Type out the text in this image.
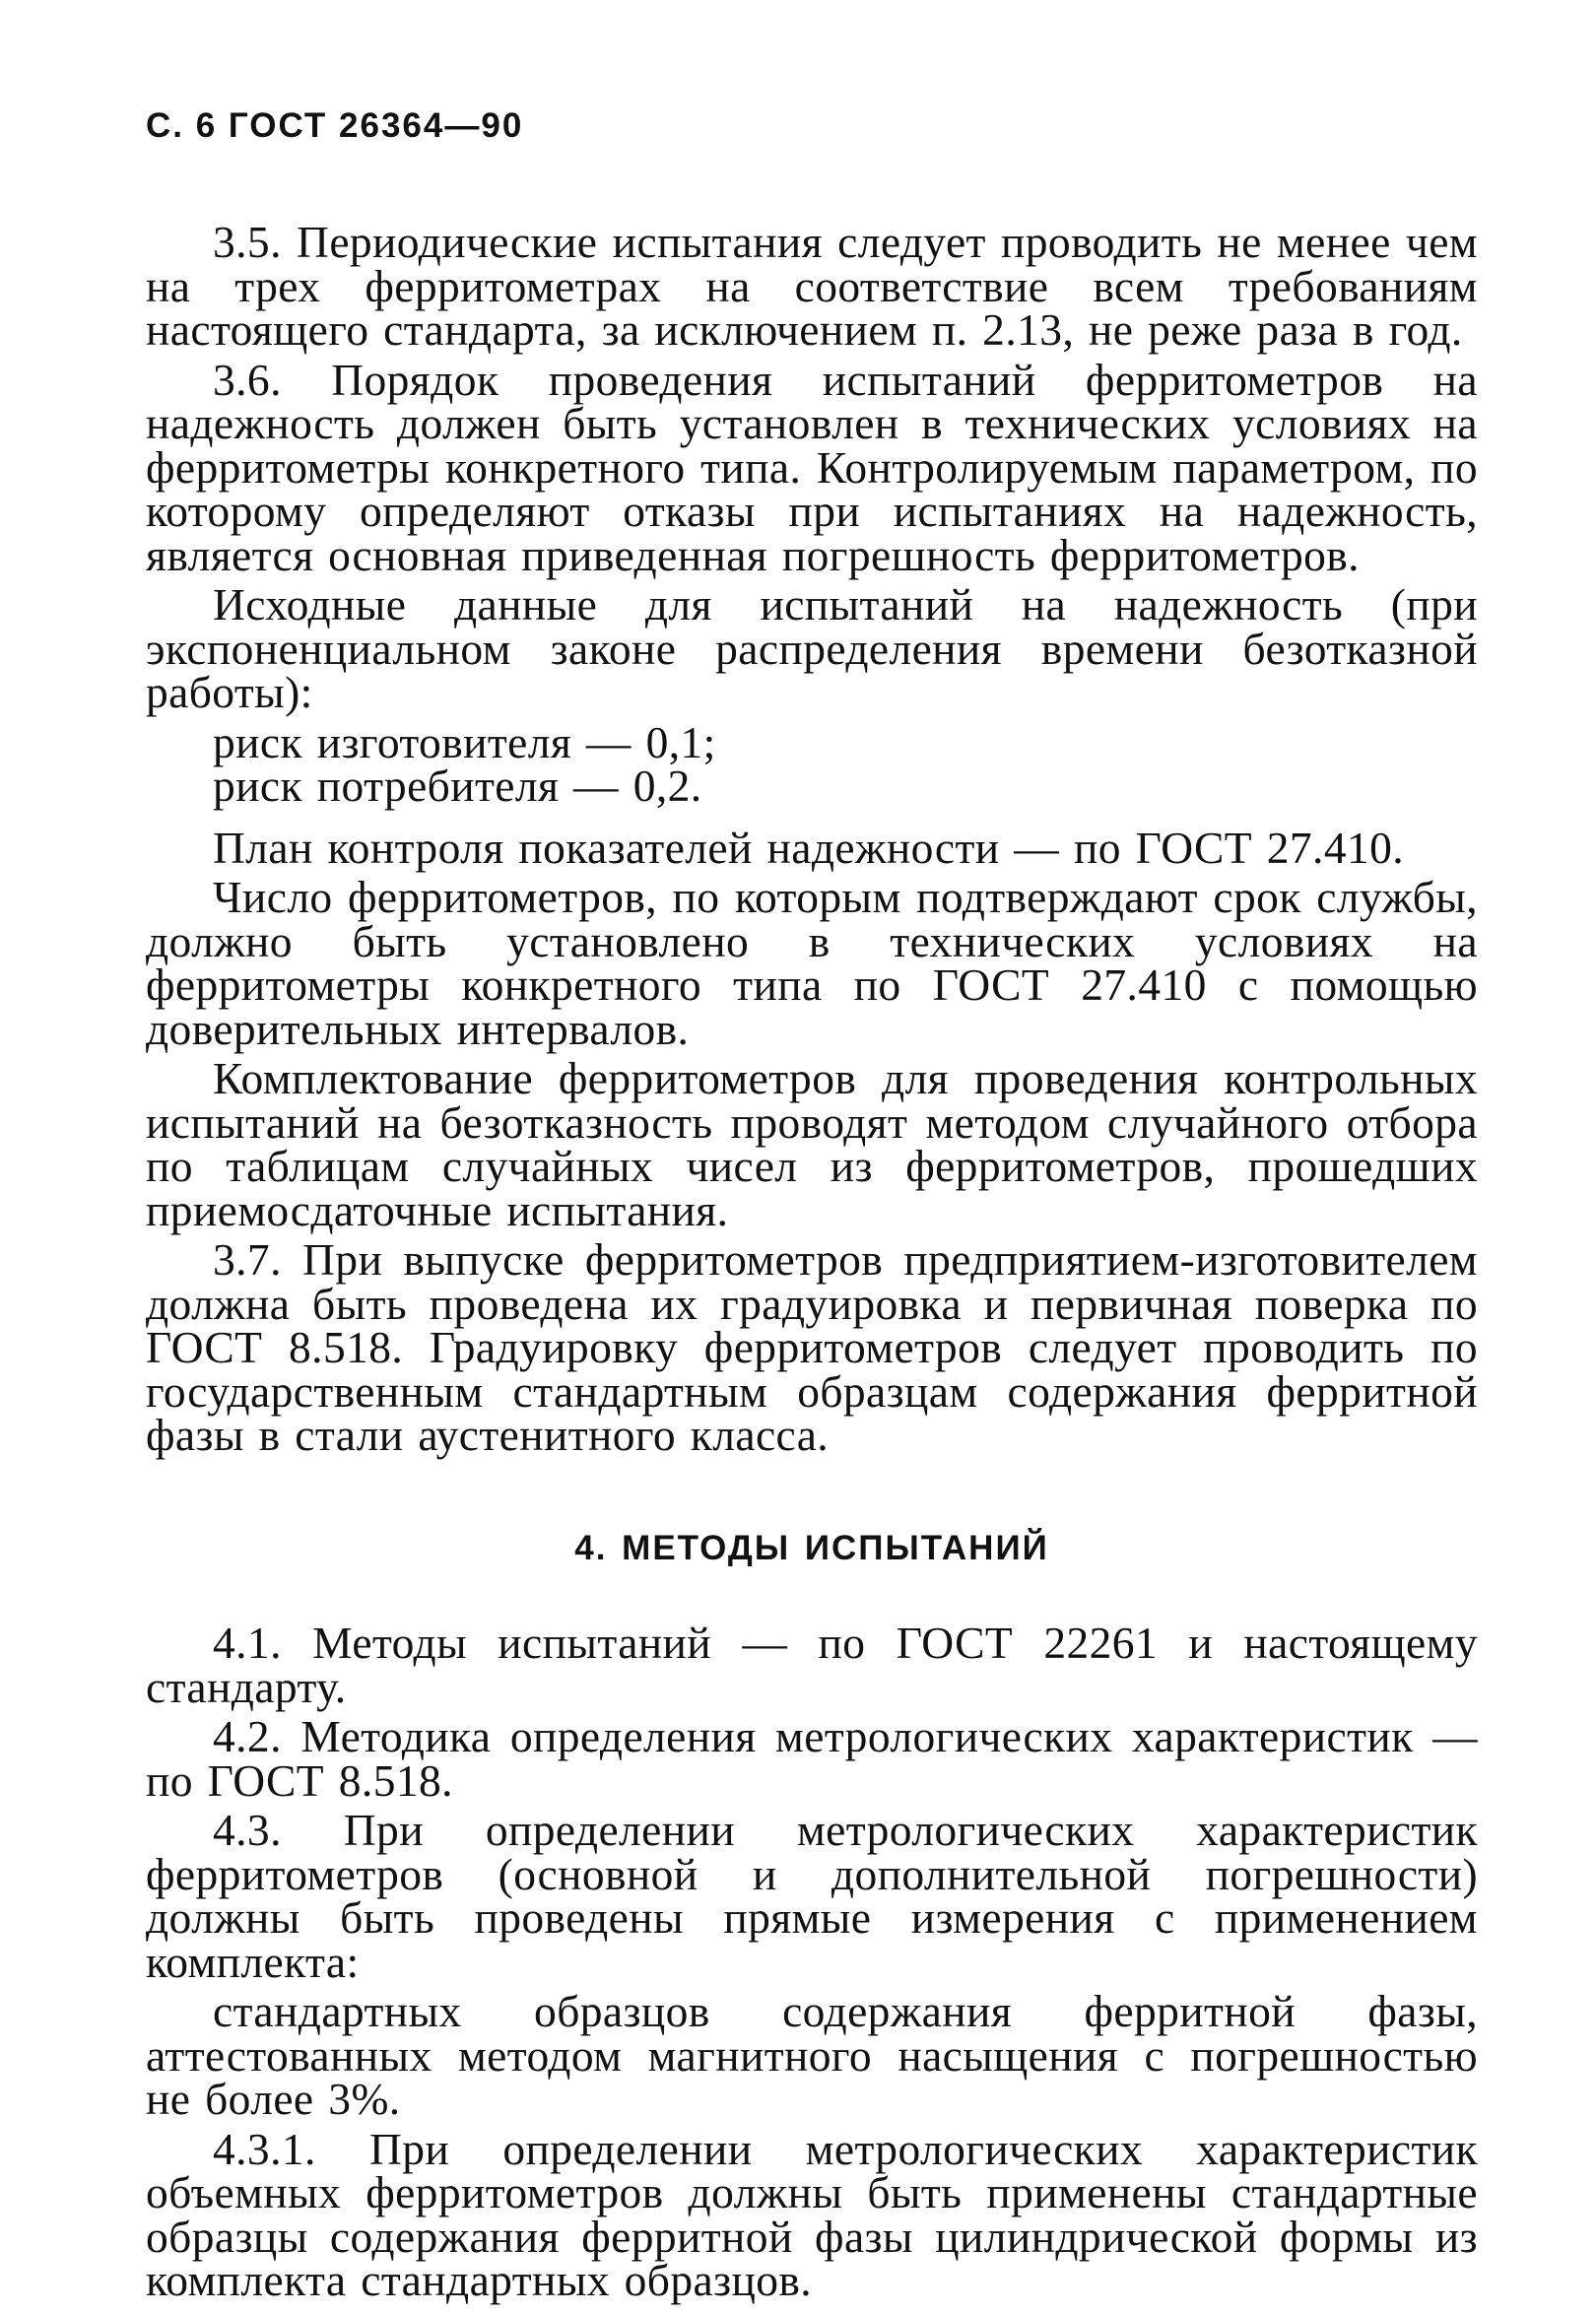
С. 6 ГОСТ 26364—90

3.5. Периодические испытания следует проводить не менее чем на трех ферритометрах на соответствие всем требованиям настоящего стандарта, за исключением п. 2.13, не реже раза в год.

3.6. Порядок проведения испытаний ферритометров на надежность должен быть установлен в технических условиях на ферритометры конкретного типа. Контролируемым параметром, по которому определяют отказы при испытаниях на надежность, является основная приведенная погрешность ферритометров.

Исходные данные для испытаний на надежность (при экспоненциальном законе распределения времени безотказной работы):

риск изготовителя — 0,1;
риск потребителя — 0,2.

План контроля показателей надежности — по ГОСТ 27.410.

Число ферритометров, по которым подтверждают срок службы, должно быть установлено в технических условиях на ферритометры конкретного типа по ГОСТ 27.410 с помощью доверительных интервалов.

Комплектование ферритометров для проведения контрольных испытаний на безотказность проводят методом случайного отбора по таблицам случайных чисел из ферритометров, прошедших приемосдаточные испытания.

3.7. При выпуске ферритометров предприятием-изготовителем должна быть проведена их градуировка и первичная поверка по ГОСТ 8.518. Градуировку ферритометров следует проводить по государственным стандартным образцам содержания ферритной фазы в стали аустенитного класса.

4. МЕТОДЫ ИСПЫТАНИЙ

4.1. Методы испытаний — по ГОСТ 22261 и настоящему стандарту.

4.2. Методика определения метрологических характеристик — по ГОСТ 8.518.

4.3. При определении метрологических характеристик ферритометров (основной и дополнительной погрешности) должны быть проведены прямые измерения с применением комплекта:

стандартных образцов содержания ферритной фазы, аттестованных методом магнитного насыщения с погрешностью не более 3%.

4.3.1. При определении метрологических характеристик объемных ферритометров должны быть применены стандартные образцы содержания ферритной фазы цилиндрической формы из комплекта стандартных образцов.
